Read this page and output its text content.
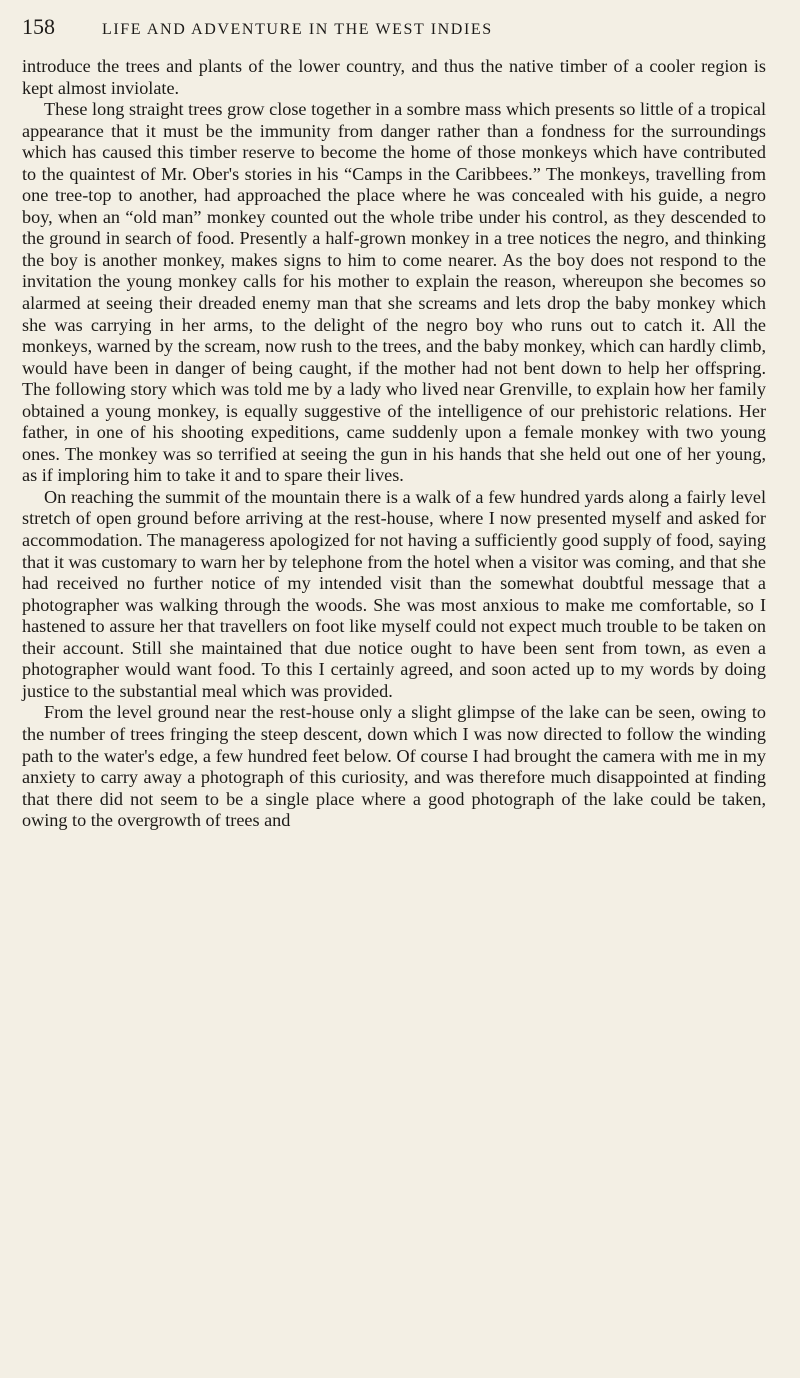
158	LIFE AND ADVENTURE IN THE WEST INDIES

introduce the trees and plants of the lower country, and thus the native timber of a cooler region is kept almost inviolate.

These long straight trees grow close together in a sombre mass which presents so little of a tropical appearance that it must be the immunity from danger rather than a fondness for the surroundings which has caused this timber reserve to become the home of those monkeys which have contributed to the quaintest of Mr. Ober's stories in his “Camps in the Caribbees.” The monkeys, travelling from one tree-top to another, had approached the place where he was concealed with his guide, a negro boy, when an “old man” monkey counted out the whole tribe under his control, as they descended to the ground in search of food. Presently a half-grown monkey in a tree notices the negro, and thinking the boy is another monkey, makes signs to him to come nearer. As the boy does not respond to the invitation the young monkey calls for his mother to explain the reason, whereupon she becomes so alarmed at seeing their dreaded enemy man that she screams and lets drop the baby monkey which she was carrying in her arms, to the delight of the negro boy who runs out to catch it. All the monkeys, warned by the scream, now rush to the trees, and the baby monkey, which can hardly climb, would have been in danger of being caught, if the mother had not bent down to help her offspring. The following story which was told me by a lady who lived near Grenville, to explain how her family obtained a young monkey, is equally suggestive of the intelligence of our prehistoric relations. Her father, in one of his shooting expeditions, came suddenly upon a female monkey with two young ones. The monkey was so terrified at seeing the gun in his hands that she held out one of her young, as if imploring him to take it and to spare their lives.

On reaching the summit of the mountain there is a walk of a few hundred yards along a fairly level stretch of open ground before arriving at the rest-house, where I now presented myself and asked for accommodation. The manageress apologized for not having a sufficiently good supply of food, saying that it was customary to warn her by telephone from the hotel when a visitor was coming, and that she had received no further notice of my intended visit than the somewhat doubtful message that a photographer was walking through the woods. She was most anxious to make me comfortable, so I hastened to assure her that travellers on foot like myself could not expect much trouble to be taken on their account. Still she maintained that due notice ought to have been sent from town, as even a photographer would want food. To this I certainly agreed, and soon acted up to my words by doing justice to the substantial meal which was provided.

From the level ground near the rest-house only a slight glimpse of the lake can be seen, owing to the number of trees fringing the steep descent, down which I was now directed to follow the winding path to the water's edge, a few hundred feet below. Of course I had brought the camera with me in my anxiety to carry away a photograph of this curiosity, and was therefore much disappointed at finding that there did not seem to be a single place where a good photograph of the lake could be taken, owing to the overgrowth of trees and
